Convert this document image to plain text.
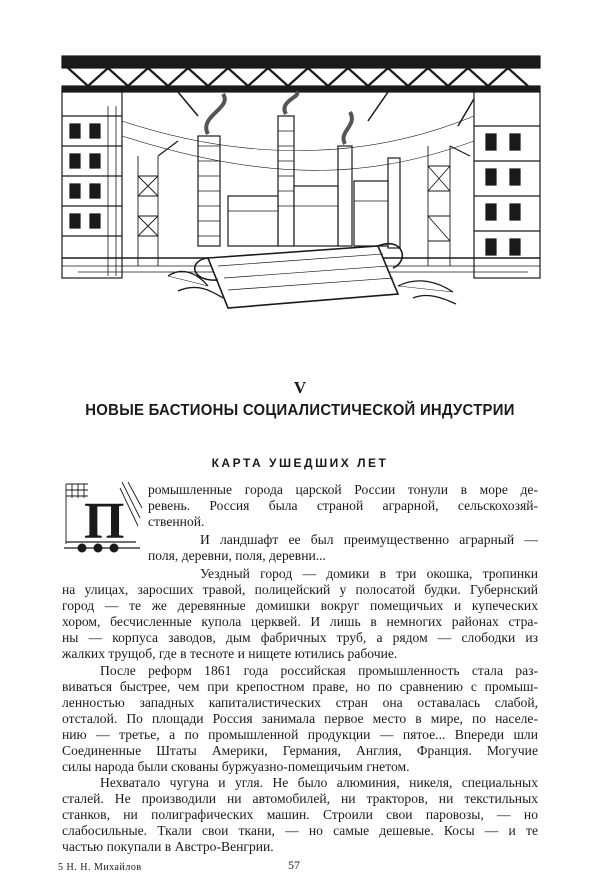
V
НОВЫЕ БАСТИОНЫ СОЦИАЛИСТИЧЕСКОЙ ИНДУСТРИИ
КАРТА УШЕДШИХ ЛЕТ
П
ромышленные города царской России тонули в море де-
ревень. Россия была страной аграрной, сельскохозяй-
ственной.
И ландшафт ее был преимущественно аграрный —
поля, деревни, поля, деревни...
Уездный город — домики в три окошка, тропинки
на улицах, заросших травой, полицейский у полосатой будки. Губернский
город — те же деревянные домишки вокруг помещичьих и купеческих
хором, бесчисленные купола церквей. И лишь в немногих районах стра-
ны — корпуса заводов, дым фабричных труб, а рядом — слободки из
жалких трущоб, где в тесноте и нищете ютились рабочие.
После реформ 1861 года российская промышленность стала раз-
виваться быстрее, чем при крепостном праве, но по сравнению с промыш-
ленностью западных капиталистических стран она оставалась слабой,
отсталой. По площади Россия занимала первое место в мире, по населе-
нию — третье, а по промышленной продукции — пятое... Впереди шли
Соединенные Штаты Америки, Германия, Англия, Франция. Могучие
силы народа были скованы буржуазно-помещичьим гнетом.
Нехватало чугуна и угля. Не было алюминия, никеля, специальных
сталей. Не производили ни автомобилей, ни тракторов, ни текстильных
станков, ни полиграфических машин. Строили свои паровозы, — но
слабосильные. Ткали свои ткани, — но самые дешевые. Косы — и те
частью покупали в Австро-Венгрии.
5 Н. Н. Михайлов	57
